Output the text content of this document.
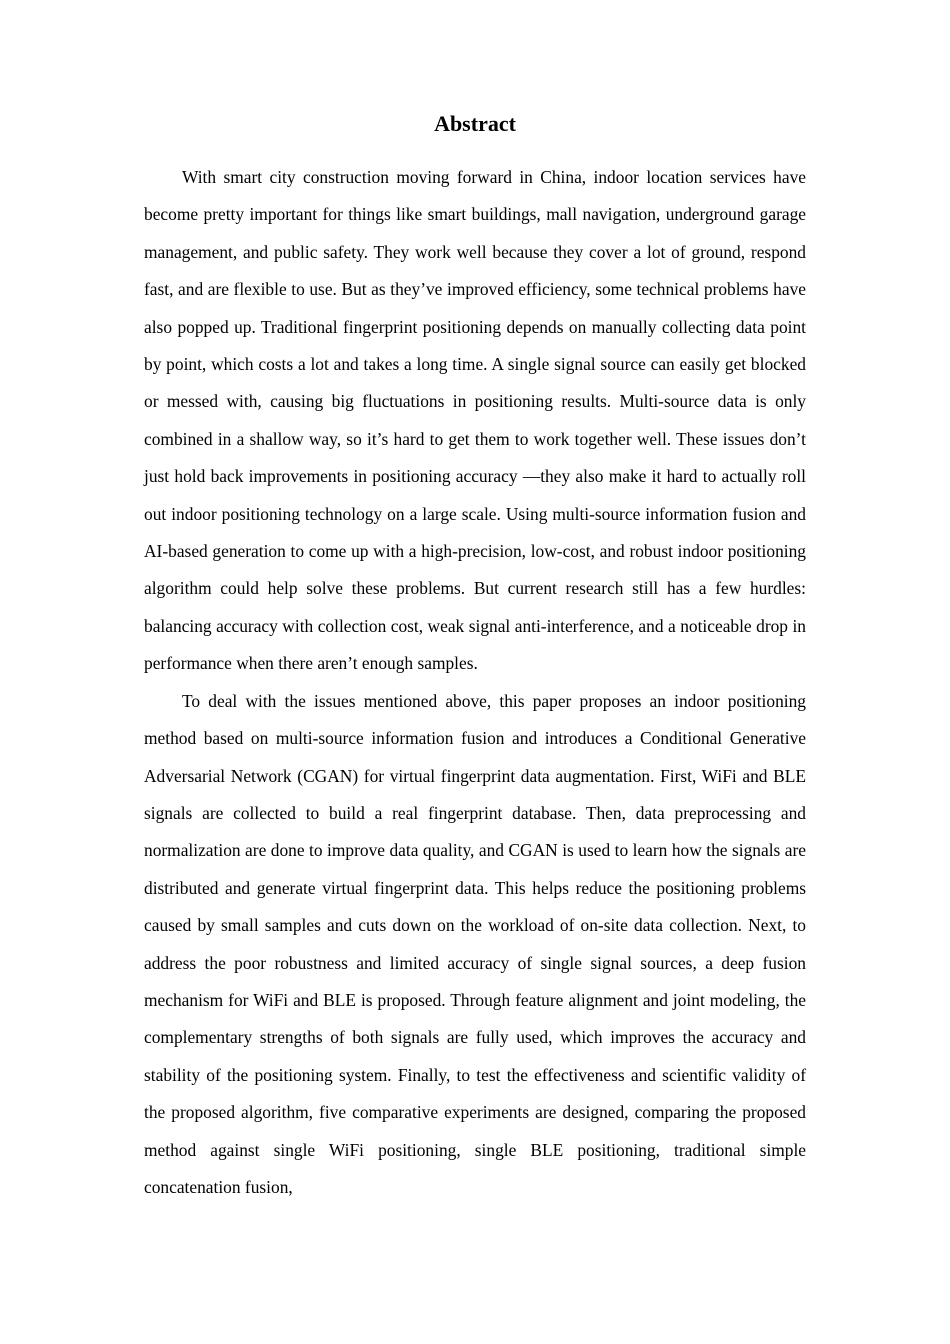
Abstract

With smart city construction moving forward in China, indoor location services have become pretty important for things like smart buildings, mall navigation, underground garage management, and public safety. They work well because they cover a lot of ground, respond fast, and are flexible to use. But as they’ve improved efficiency, some technical problems have also popped up. Traditional fingerprint positioning depends on manually collecting data point by point, which costs a lot and takes a long time. A single signal source can easily get blocked or messed with, causing big fluctuations in positioning results. Multi-source data is only combined in a shallow way, so it’s hard to get them to work together well. These issues don’t just hold back improvements in positioning accuracy —they also make it hard to actually roll out indoor positioning technology on a large scale. Using multi-source information fusion and AI-based generation to come up with a high-precision, low-cost, and robust indoor positioning algorithm could help solve these problems. But current research still has a few hurdles: balancing accuracy with collection cost, weak signal anti-interference, and a noticeable drop in performance when there aren’t enough samples.

To deal with the issues mentioned above, this paper proposes an indoor positioning method based on multi-source information fusion and introduces a Conditional Generative Adversarial Network (CGAN) for virtual fingerprint data augmentation. First, WiFi and BLE signals are collected to build a real fingerprint database. Then, data preprocessing and normalization are done to improve data quality, and CGAN is used to learn how the signals are distributed and generate virtual fingerprint data. This helps reduce the positioning problems caused by small samples and cuts down on the workload of on-site data collection. Next, to address the poor robustness and limited accuracy of single signal sources, a deep fusion mechanism for WiFi and BLE is proposed. Through feature alignment and joint modeling, the complementary strengths of both signals are fully used, which improves the accuracy and stability of the positioning system. Finally, to test the effectiveness and scientific validity of the proposed algorithm, five comparative experiments are designed, comparing the proposed method against single WiFi positioning, single BLE positioning, traditional simple concatenation fusion,
